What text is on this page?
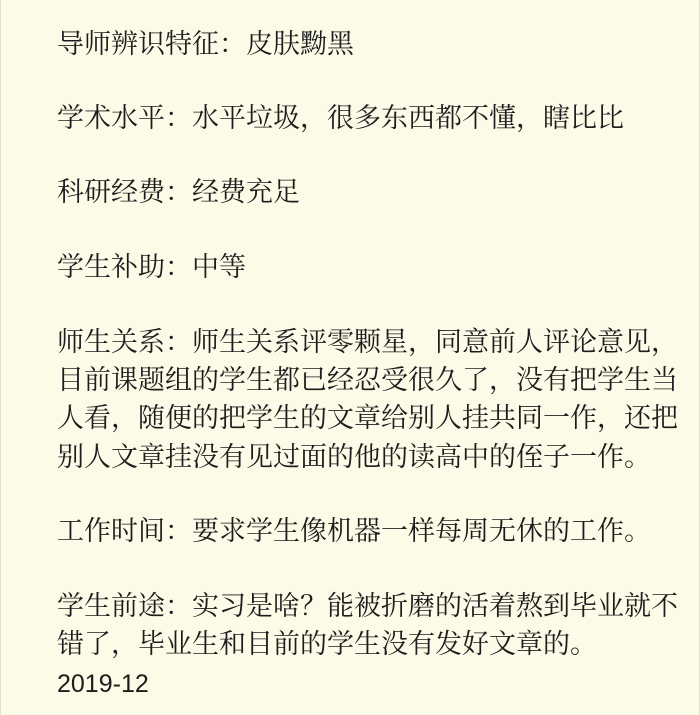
导师辨识特征：皮肤黝黑
学术水平：水平垃圾，很多东西都不懂，瞎比比
科研经费：经费充足
学生补助：中等
师生关系：师生关系评零颗星，同意前人评论意见，
目前课题组的学生都已经忍受很久了，没有把学生当
人看，随便的把学生的文章给别人挂共同一作，还把
别人文章挂没有见过面的他的读高中的侄子一作。
工作时间：要求学生像机器一样每周无休的工作。
学生前途：实习是啥？能被折磨的活着熬到毕业就不
错了，毕业生和目前的学生没有发好文章的。
2019-12
